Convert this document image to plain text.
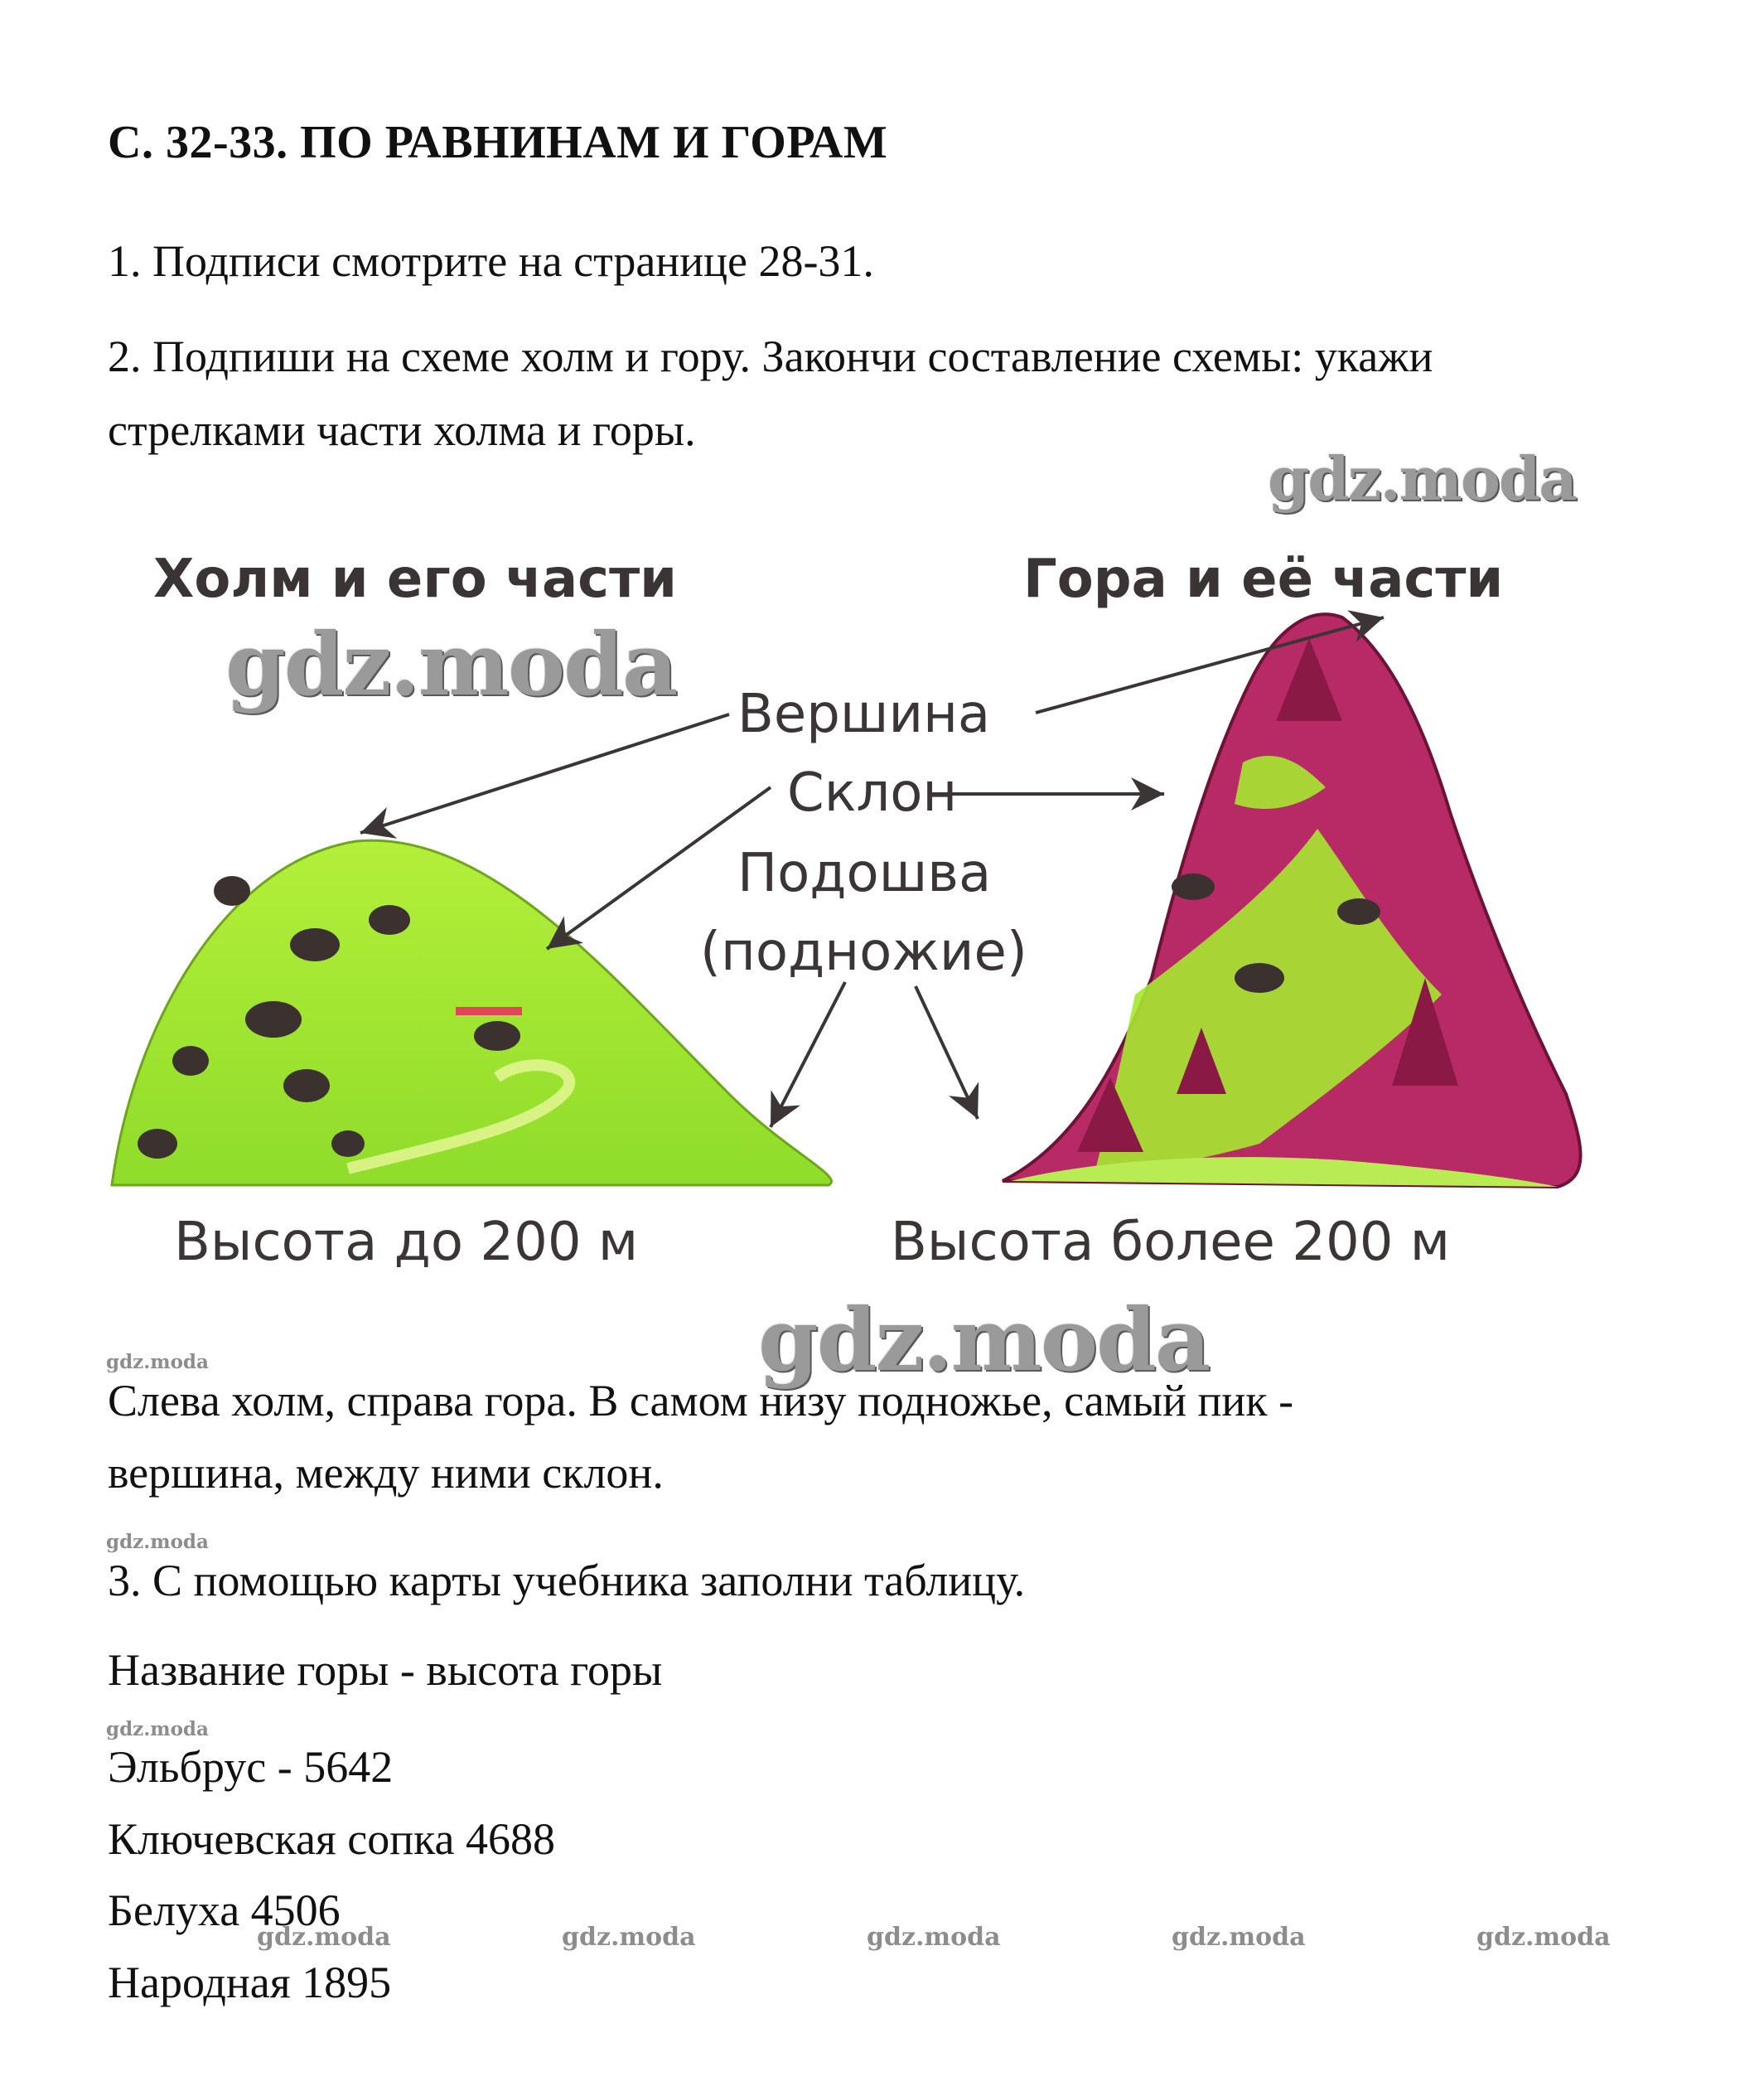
С. 32-33. ПО РАВНИНАМ И ГОРАМ
1. Подписи смотрите на странице 28-31.
2. Подпиши на схеме холм и гору. Закончи составление схемы: укажи
стрелками части холма и горы.
gdz.moda
gdz.moda
gdz.moda
Холм и его части	Гора и её части
Вершина
Склон
Подошва
(подножие)
Высота до 200 м	Высота более 200 м
gdz.moda
gdz.moda
gdz.moda
Слева холм, справа гора. В самом низу подножье, самый пик -
вершина, между ними склон.
3. С помощью карты учебника заполни таблицу.
Название горы - высота горы
Эльбрус - 5642
Ключевская сопка 4688
Белуха 4506
Народная 1895
gdz.moda	gdz.moda	gdz.moda	gdz.moda	gdz.moda
